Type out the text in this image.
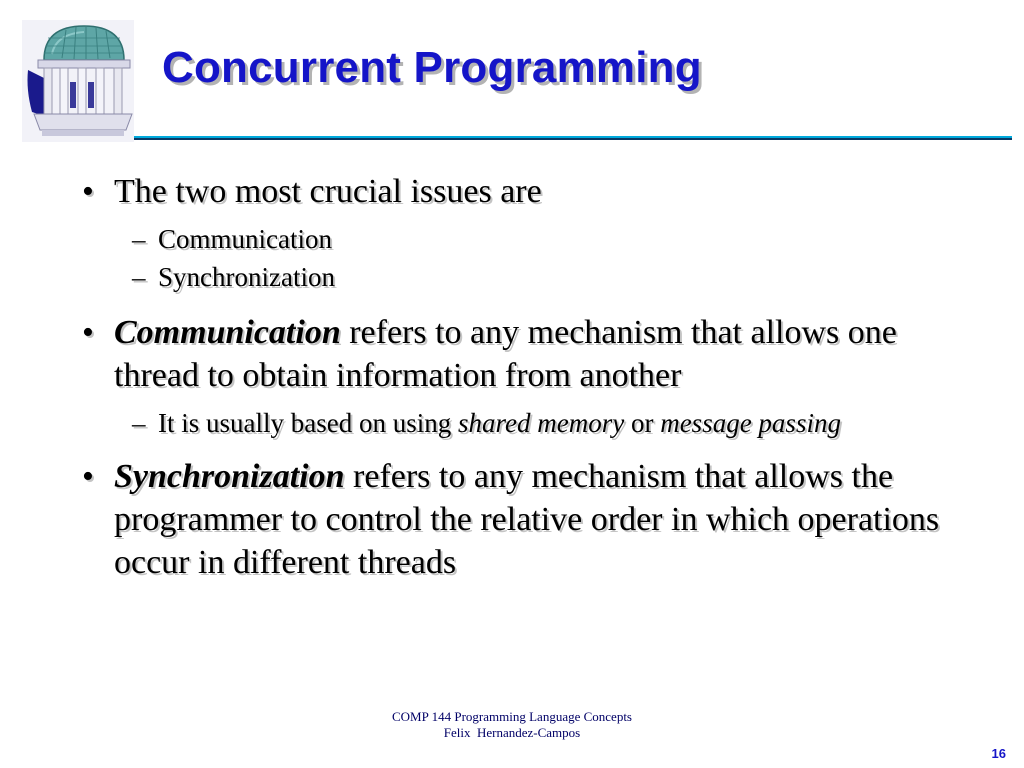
Concurrent Programming
• The two most crucial issues are
– Communication
– Synchronization
• Communication refers to any mechanism that allows one thread to obtain information from another
– It is usually based on using shared memory or message passing
• Synchronization refers to any mechanism that allows the programmer to control the relative order in which operations occur in different threads
COMP 144 Programming Language Concepts
Felix  Hernandez-Campos
16
